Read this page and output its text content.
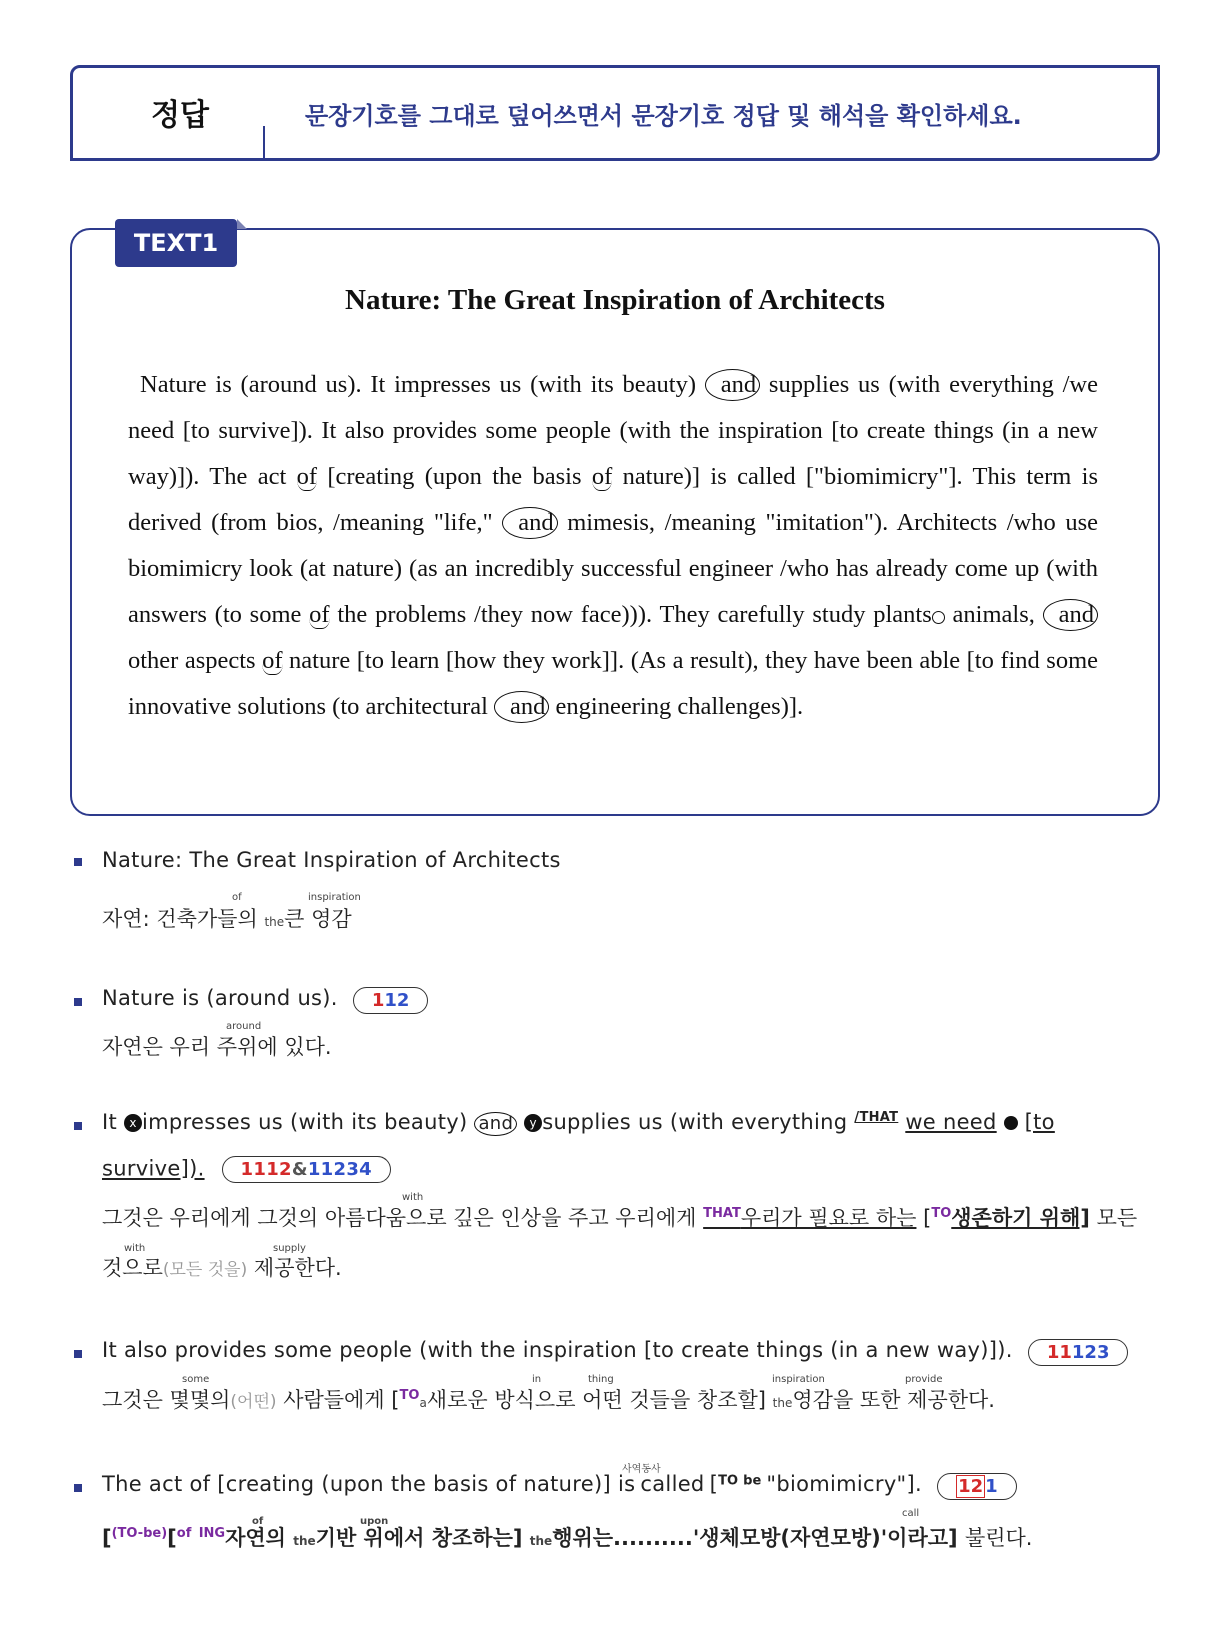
정답	문장기호를 그대로 덮어쓰면서 문장기호 정답 및 해석을 확인하세요.
TEXT1
Nature: The Great Inspiration of Architects

Nature is (around us). It impresses us (with its beauty) and supplies us (with everything /we need [to survive]). It also provides some people (with the inspiration [to create things (in a new way)]). The act of [creating (upon the basis of nature)] is called ["biomimicry"]. This term is derived (from bios, /meaning "life," and mimesis, /meaning "imitation"). Architects /who use biomimicry look (at nature) (as an incredibly successful engineer /who has already come up (with answers (to some of the problems /they now face))). They carefully study plants animals, and other aspects of nature [to learn [how they work]]. (As a result), they have been able [to find some innovative solutions (to architectural and engineering challenges)].

Nature: The Great Inspiration of Architects
자연: 건축가들의 the큰 영감
of	inspiration
Nature is (around us). 112
around
자연은 우리 주위에 있다.
It x impresses us (with its beauty) and y supplies us (with everything $^{/THAT}$ we need [to
survive]). 1112&11234
with
그것은 우리에게 그것의 아름다움으로 깊은 인상을 주고 우리에게 $^{THAT}$우리가 필요로 하는 [$^{TO}$생존하기 위해] 모든
with	supply
것으로(모든 것을) 제공한다.
It also provides some people (with the inspiration [to create things (in a new way)]). 11123
some	in	thing	inspiration	provide
그것은 몇몇의(어떤) 사람들에게 [$^{TO}$a새로운 방식으로 어떤 것들을 창조할] the영감을 또한 제공한다.
사역동사
The act of [creating (upon the basis of nature)] is called [$^{TO}$ $^{be}$ "biomimicry"]. 12 1
of	upon
call
[$^{(TO-be)}$[$^{of}$ $^{ING}$자연의 the기반 위에서 창조하는] the행위는..........'생체모방(자연모방)'이라고] 불린다.
